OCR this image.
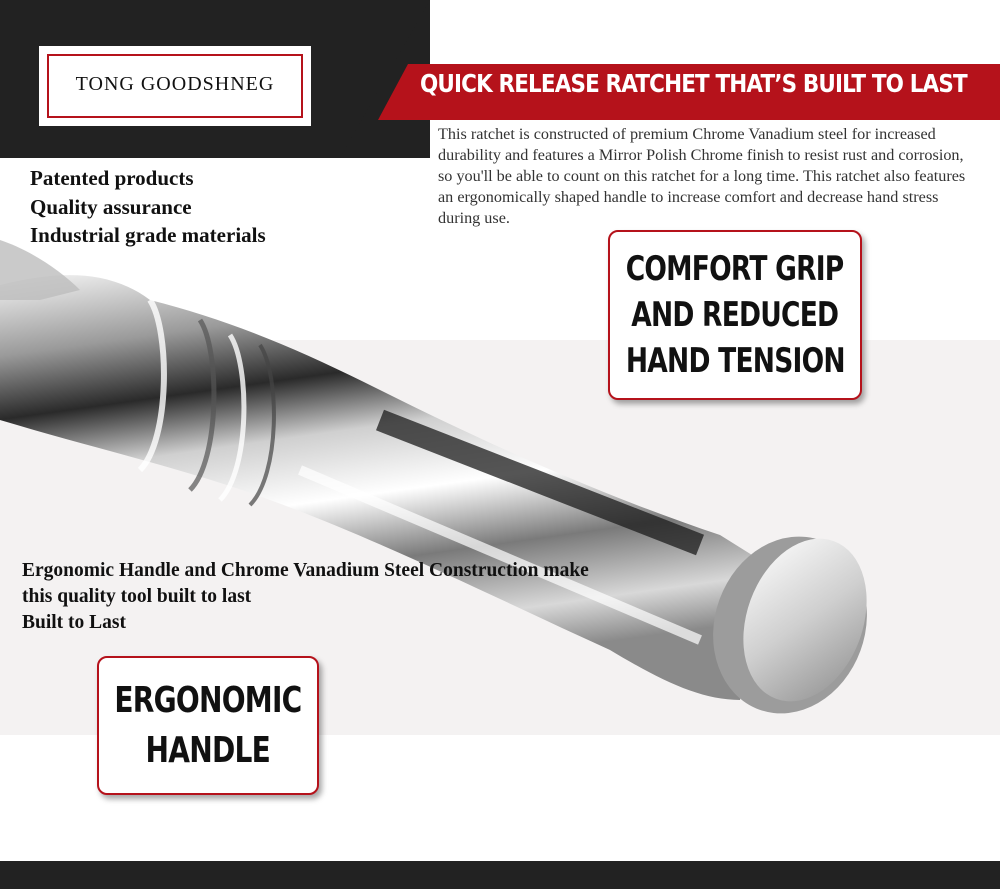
TONG GOODSHNEG	QUICK RELEASE RATCHET THAT’S BUILT TO LAST
This ratchet is constructed of premium Chrome Vanadium steel for increased durability and features a Mirror Polish Chrome finish to resist rust and corrosion, so you'll be able to count on this ratchet for a long time. This ratchet also features an ergonomically shaped handle to increase comfort and decrease hand stress during use.
Patented products
Quality assurance
Industrial grade materials
COMFORT GRIP
AND REDUCED
HAND TENSION
Ergonomic Handle and Chrome Vanadium Steel Construction make
this quality tool built to last
Built to Last
ERGONOMIC
HANDLE
